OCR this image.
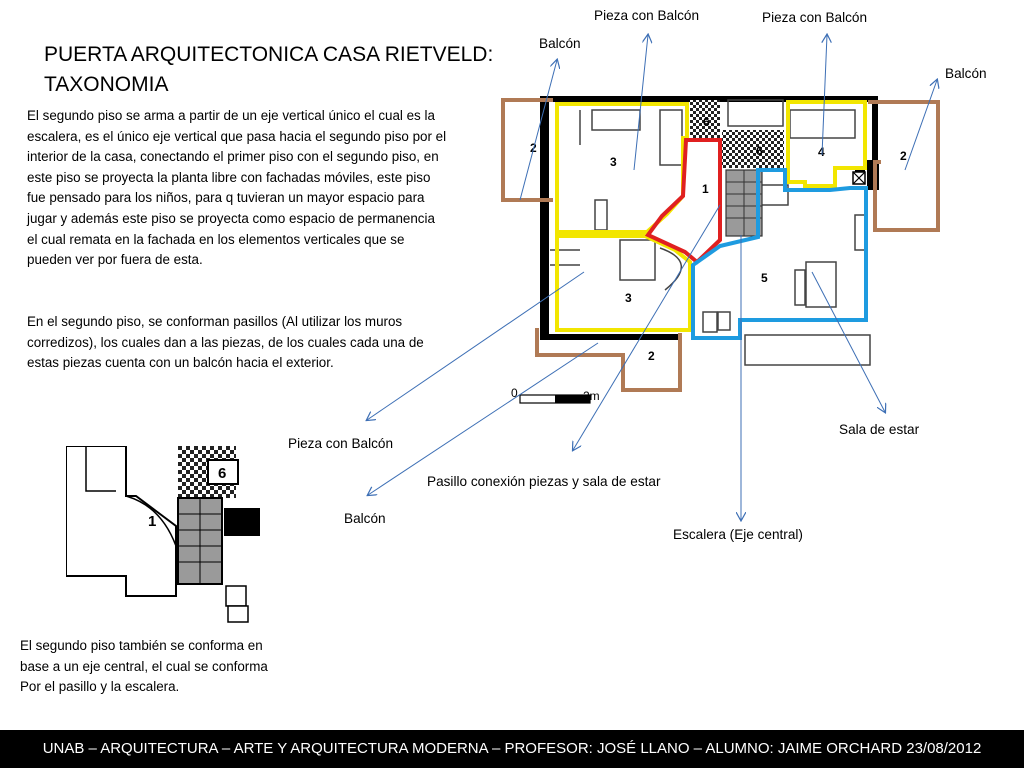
PUERTA ARQUITECTONICA CASA RIETVELD: TAXONOMIA
El segundo piso se arma a partir de un eje vertical único el cual es la escalera, es el único eje vertical que pasa hacia el segundo piso por el interior de la casa, conectando el primer piso con el segundo piso, en este piso se proyecta la planta libre con fachadas móviles, este piso fue pensado para los niños, para q tuvieran un mayor espacio para jugar y además este piso se proyecta como espacio de permanencia el cual remata en la fachada en los elementos verticales que se pueden ver por fuera de esta.
En el segundo piso, se conforman pasillos (Al utilizar los muros corredizos), los cuales dan a las piezas, de los cuales cada una de estas piezas cuenta con un balcón hacia el exterior.
El segundo piso también se conforma en
base a un eje central, el cual se conforma
Por el pasillo y la escalera.
2
3
3
1
6
6	4	2
5
2
0	2m
Pieza con Balcón	Pieza con Balcón
Balcón
Balcón
Pieza con Balcón
Pasillo conexión piezas y sala de estar
Balcón
Sala de estar
Escalera (Eje central)
6
1
UNAB – ARQUITECTURA – ARTE Y ARQUITECTURA MODERNA – PROFESOR: JOSÉ LLANO – ALUMNO: JAIME ORCHARD 23/08/2012
